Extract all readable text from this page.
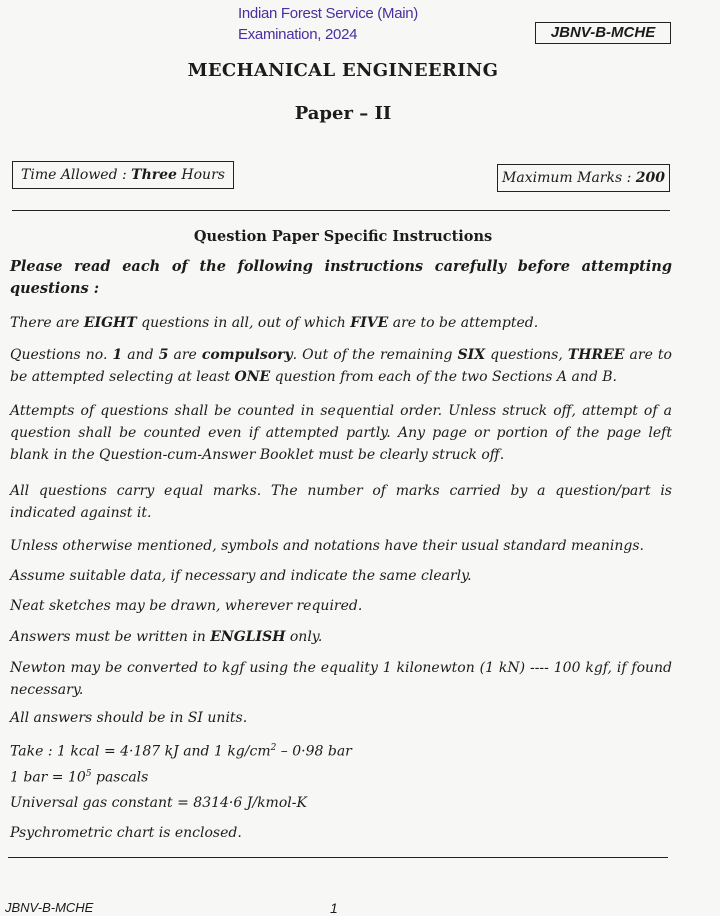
Indian Forest Service (Main)
Examination, 2024	JBNV-B-MCHE
MECHANICAL ENGINEERING
Paper – II
Time Allowed : Three Hours	Maximum Marks : 200
Question Paper Specific Instructions
Please read each of the following instructions carefully before attempting questions :
There are EIGHT questions in all, out of which FIVE are to be attempted.
Questions no. 1 and 5 are compulsory. Out of the remaining SIX questions, THREE are to be attempted selecting at least ONE question from each of the two Sections A and B.
Attempts of questions shall be counted in sequential order. Unless struck off, attempt of a question shall be counted even if attempted partly. Any page or portion of the page left blank in the Question-cum-Answer Booklet must be clearly struck off.
All questions carry equal marks. The number of marks carried by a question/part is indicated against it.
Unless otherwise mentioned, symbols and notations have their usual standard meanings.
Assume suitable data, if necessary and indicate the same clearly.
Neat sketches may be drawn, wherever required.
Answers must be written in ENGLISH only.
Newton may be converted to kgf using the equality 1 kilonewton (1 kN) ---- 100 kgf, if found necessary.
All answers should be in SI units.
Take : 1 kcal = 4·187 kJ and 1 $kg/cm^2 - 0\cdot 98$ bar
1 bar = $10^5$ pascals
Universal gas constant = 8314·6 J/kmol-K
Psychrometric chart is enclosed.
JBNV-B-MCHE	1
